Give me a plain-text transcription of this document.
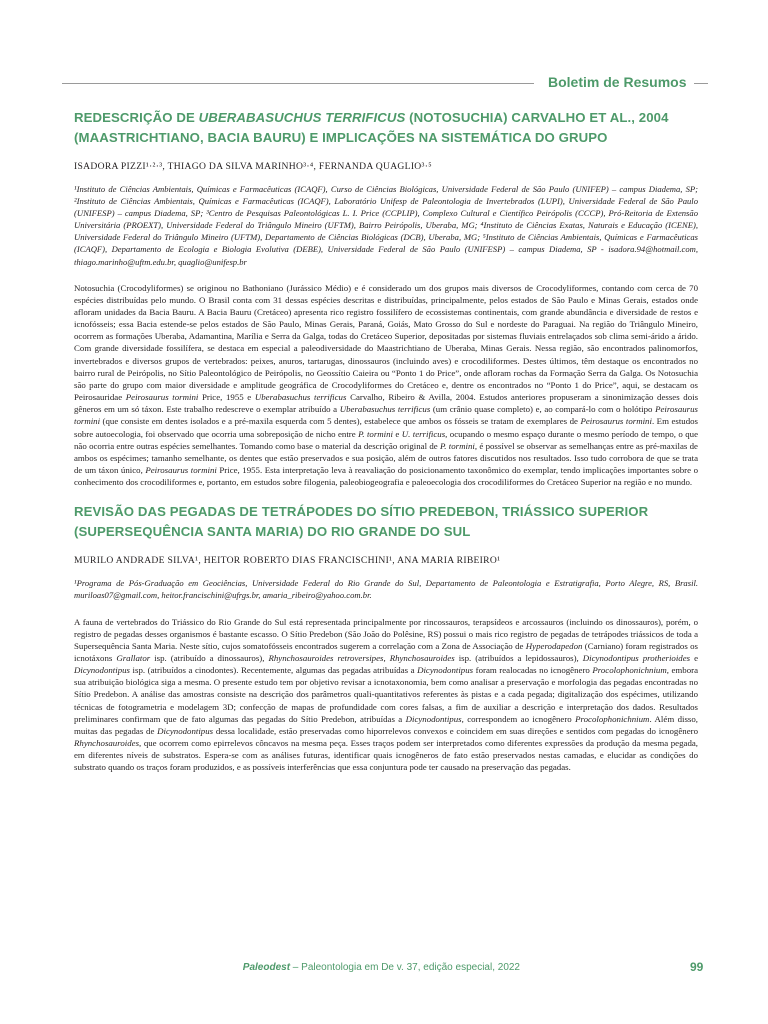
Boletim de Resumos
REDESCRIÇÃO DE UBERABASUCHUS TERRIFICUS (NOTOSUCHIA) CARVALHO ET AL., 2004 (MAASTRICHTIANO, BACIA BAURU) E IMPLICAÇÕES NA SISTEMÁTICA DO GRUPO

ISADORA PIZZI¹·²·³, THIAGO DA SILVA MARINHO³·⁴, FERNANDA QUAGLIO³·⁵

¹Instituto de Ciências Ambientais, Químicas e Farmacêuticas (ICAQF), Curso de Ciências Biológicas, Universidade Federal de São Paulo (UNIFEP) – campus Diadema, SP; ²Instituto de Ciências Ambientais, Químicas e Farmacêuticas (ICAQF), Laboratório Unifesp de Paleontologia de Invertebrados (LUPI), Universidade Federal de São Paulo (UNIFESP) – campus Diadema, SP; ³Centro de Pesquisas Paleontológicas L. I. Price (CCPLIP), Complexo Cultural e Científico Peirópolis (CCCP), Pró-Reitoria de Extensão Universitária (PROEXT), Universidade Federal do Triângulo Mineiro (UFTM), Bairro Peirópolis, Uberaba, MG; ⁴Instituto de Ciências Exatas, Naturais e Educação (ICENE), Universidade Federal do Triângulo Mineiro (UFTM), Departamento de Ciências Biológicas (DCB), Uberaba, MG; ⁵Instituto de Ciências Ambientais, Químicas e Farmacêuticas (ICAQF), Departamento de Ecologia e Biologia Evolutiva (DEBE), Universidade Federal de São Paulo (UNIFESP) – campus Diadema, SP - isadora.94@hotmail.com, thiago.marinho@uftm.edu.br, quaglio@unifesp.br

Notosuchia (Crocodyliformes) se originou no Bathoniano (Jurássico Médio) e é considerado um dos grupos mais diversos de Crocodyliformes, contando com cerca de 70 espécies distribuídas pelo mundo. O Brasil conta com 31 dessas espécies descritas e distribuídas, principalmente, pelos estados de São Paulo e Minas Gerais, estados onde afloram unidades da Bacia Bauru. A Bacia Bauru (Cretáceo) apresenta rico registro fossilífero de ecossistemas continentais, com grande abundância e diversidade de restos e icnofósseis; essa Bacia estende-se pelos estados de São Paulo, Minas Gerais, Paraná, Goiás, Mato Grosso do Sul e nordeste do Paraguai. Na região do Triângulo Mineiro, ocorrem as formações Uberaba, Adamantina, Marília e Serra da Galga, todas do Cretáceo Superior, depositadas por sistemas fluviais entrelaçados sob clima semi-árido a árido. Com grande diversidade fossilífera, se destaca em especial a paleodiversidade do Maastrichtiano de Uberaba, Minas Gerais. Nessa região, são encontrados palinomorfos, invertebrados e diversos grupos de vertebrados: peixes, anuros, tartarugas, dinossauros (incluindo aves) e crocodiliformes. Destes últimos, têm destaque os encontrados no bairro rural de Peirópolis, no Sítio Paleontológico de Peirópolis, no Geossítio Caieira ou “Ponto 1 do Price”, onde afloram rochas da Formação Serra da Galga. Os Notosuchia são parte do grupo com maior diversidade e amplitude geográfica de Crocodyliformes do Cretáceo e, dentre os encontrados no “Ponto 1 do Price”, aqui, se destacam os Peirosauridae Peirosaurus tormini Price, 1955 e Uberabasuchus terrificus Carvalho, Ribeiro & Avilla, 2004. Estudos anteriores propuseram a sinonimização desses dois gêneros em um só táxon. Este trabalho redescreve o exemplar atribuído a Uberabasuchus terrificus (um crânio quase completo) e, ao compará-lo com o holótipo Peirosaurus tormini (que consiste em dentes isolados e a pré-maxila esquerda com 5 dentes), estabelece que ambos os fósseis se tratam de exemplares de Peirosaurus tormini. Em estudos sobre autoecologia, foi observado que ocorria uma sobreposição de nicho entre P. tormini e U. terrificus, ocupando o mesmo espaço durante o mesmo período de tempo, o que não ocorria entre outras espécies semelhantes. Tomando como base o material da descrição original de P. tormini, é possível se observar as semelhanças entre as pré-maxilas de ambos os espécimes; tamanho semelhante, os dentes que estão preservados e sua posição, além de outros fatores discutidos nos resultados. Isso tudo corrobora de que se trata de um táxon único, Peirosaurus tormini Price, 1955. Esta interpretação leva à reavaliação do posicionamento taxonômico do exemplar, tendo implicações importantes sobre o conhecimento dos crocodiliformes e, portanto, em estudos sobre filogenia, paleobiogeografia e paleoecologia dos crocodiliformes do Cretáceo Superior na região e no mundo.

REVISÃO DAS PEGADAS DE TETRÁPODES DO SÍTIO PREDEBON, TRIÁSSICO SUPERIOR (SUPERSEQUÊNCIA SANTA MARIA) DO RIO GRANDE DO SUL

MURILO ANDRADE SILVA¹, HEITOR ROBERTO DIAS FRANCISCHINI¹, ANA MARIA RIBEIRO¹

¹Programa de Pós-Graduação em Geociências, Universidade Federal do Rio Grande do Sul, Departamento de Paleontologia e Estratigrafia, Porto Alegre, RS, Brasil. muriloas07@gmail.com, heitor.francischini@ufrgs.br, amaria_ribeiro@yahoo.com.br.

A fauna de vertebrados do Triássico do Rio Grande do Sul está representada principalmente por rincossauros, terapsídeos e arcossauros (incluindo os dinossauros), porém, o registro de pegadas desses organismos é bastante escasso. O Sítio Predebon (São João do Polêsine, RS) possui o mais rico registro de pegadas de tetrápodes triássicos de toda a Supersequência Santa Maria. Neste sítio, cujos somatofósseis encontrados sugerem a correlação com a Zona de Associação de Hyperodapedon (Carniano) foram registrados os icnotáxons Grallator isp. (atribuído a dinossauros), Rhynchosauroides retroversipes, Rhynchosauroides isp. (atribuídos a lepidossauros), Dicynodontipus protherioides e Dicynodontipus isp. (atribuídos a cinodontes). Recentemente, algumas das pegadas atribuídas a Dicynodontipus foram realocadas no icnogênero Procolophonichnium, embora sua atribuição biológica siga a mesma. O presente estudo tem por objetivo revisar a icnotaxonomia, bem como analisar a preservação e morfologia das pegadas encontradas no Sítio Predebon. A análise das amostras consiste na descrição dos parâmetros quali-quantitativos referentes às pistas e a cada pegada; digitalização dos espécimes, utilizando técnicas de fotogrametria e modelagem 3D; confecção de mapas de profundidade com cores falsas, a fim de auxiliar a descrição e interpretação dos dados. Resultados preliminares confirmam que de fato algumas das pegadas do Sítio Predebon, atribuídas a Dicynodontipus, correspondem ao icnogênero Procolophonichnium. Além disso, muitas das pegadas de Dicynodontipus dessa localidade, estão preservadas como hiporrelevos convexos e coincidem em suas direções e sentidos com pegadas do icnogênero Rhynchosauroides, que ocorrem como epirrelevos côncavos na mesma peça. Esses traços podem ser interpretados como diferentes expressões da produção da mesma pegada, em diferentes níveis de substratos. Espera-se com as análises futuras, identificar quais icnogêneros de fato estão preservados nestas camadas, e elucidar as condições do substrato quando os traços foram produzidos, e as possíveis interferências que essa conjuntura pode ter causado na preservação das pegadas.

Paleodest – Paleontologia em De v. 37, edição especial, 2022	99
